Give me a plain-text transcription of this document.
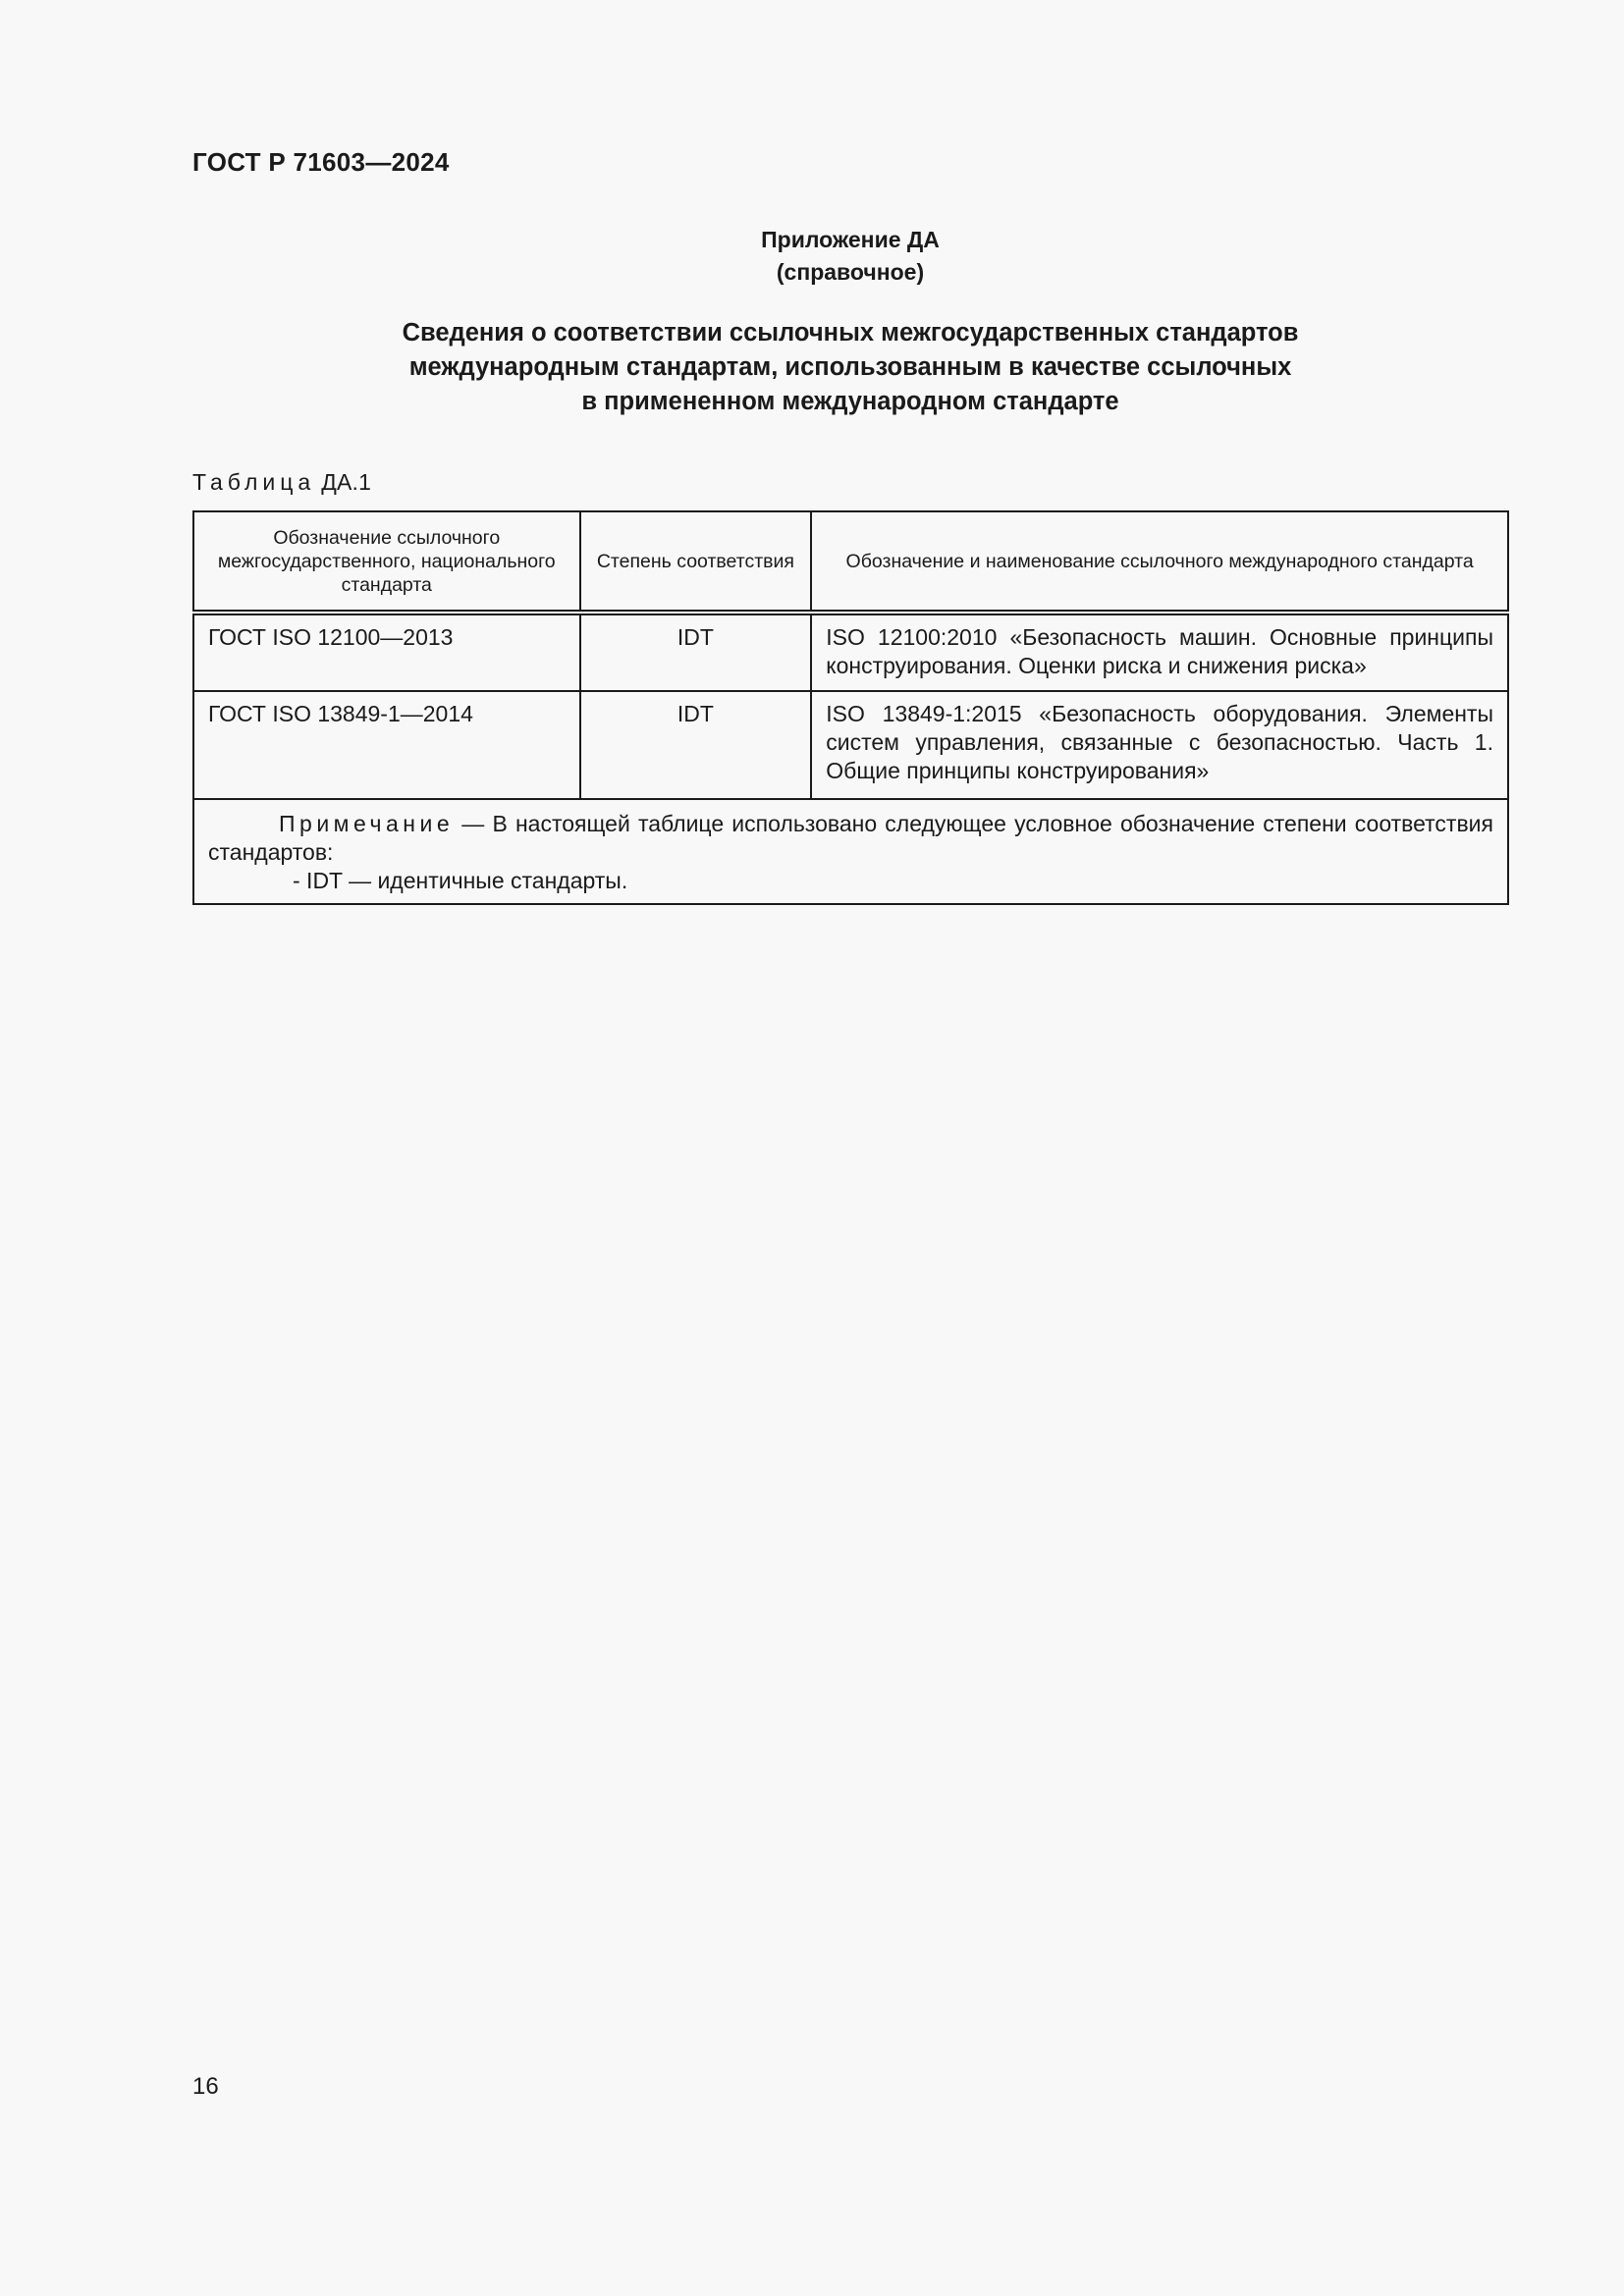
ГОСТ Р 71603—2024
Приложение ДА
(справочное)
Сведения о соответствии ссылочных межгосударственных стандартов
международным стандартам, использованным в качестве ссылочных
в примененном международном стандарте
Таблица ДА.1
Обозначение ссылочного межгосударственного, национального стандарта	Степень соответствия	Обозначение и наименование ссылочного международного стандарта
ГОСТ ISO 12100—2013	IDT	ISO 12100:2010 «Безопасность машин. Основные принципы конструирования. Оценки риска и снижения риска»
ГОСТ ISO 13849-1—2014	IDT	ISO 13849-1:2015 «Безопасность оборудования. Элементы систем управления, связанные с безопасностью. Часть 1. Общие принципы конструирования»
Примечание — В настоящей таблице использовано следующее условное обозначение степени соответствия стандартов:
- IDT — идентичные стандарты.		
16
